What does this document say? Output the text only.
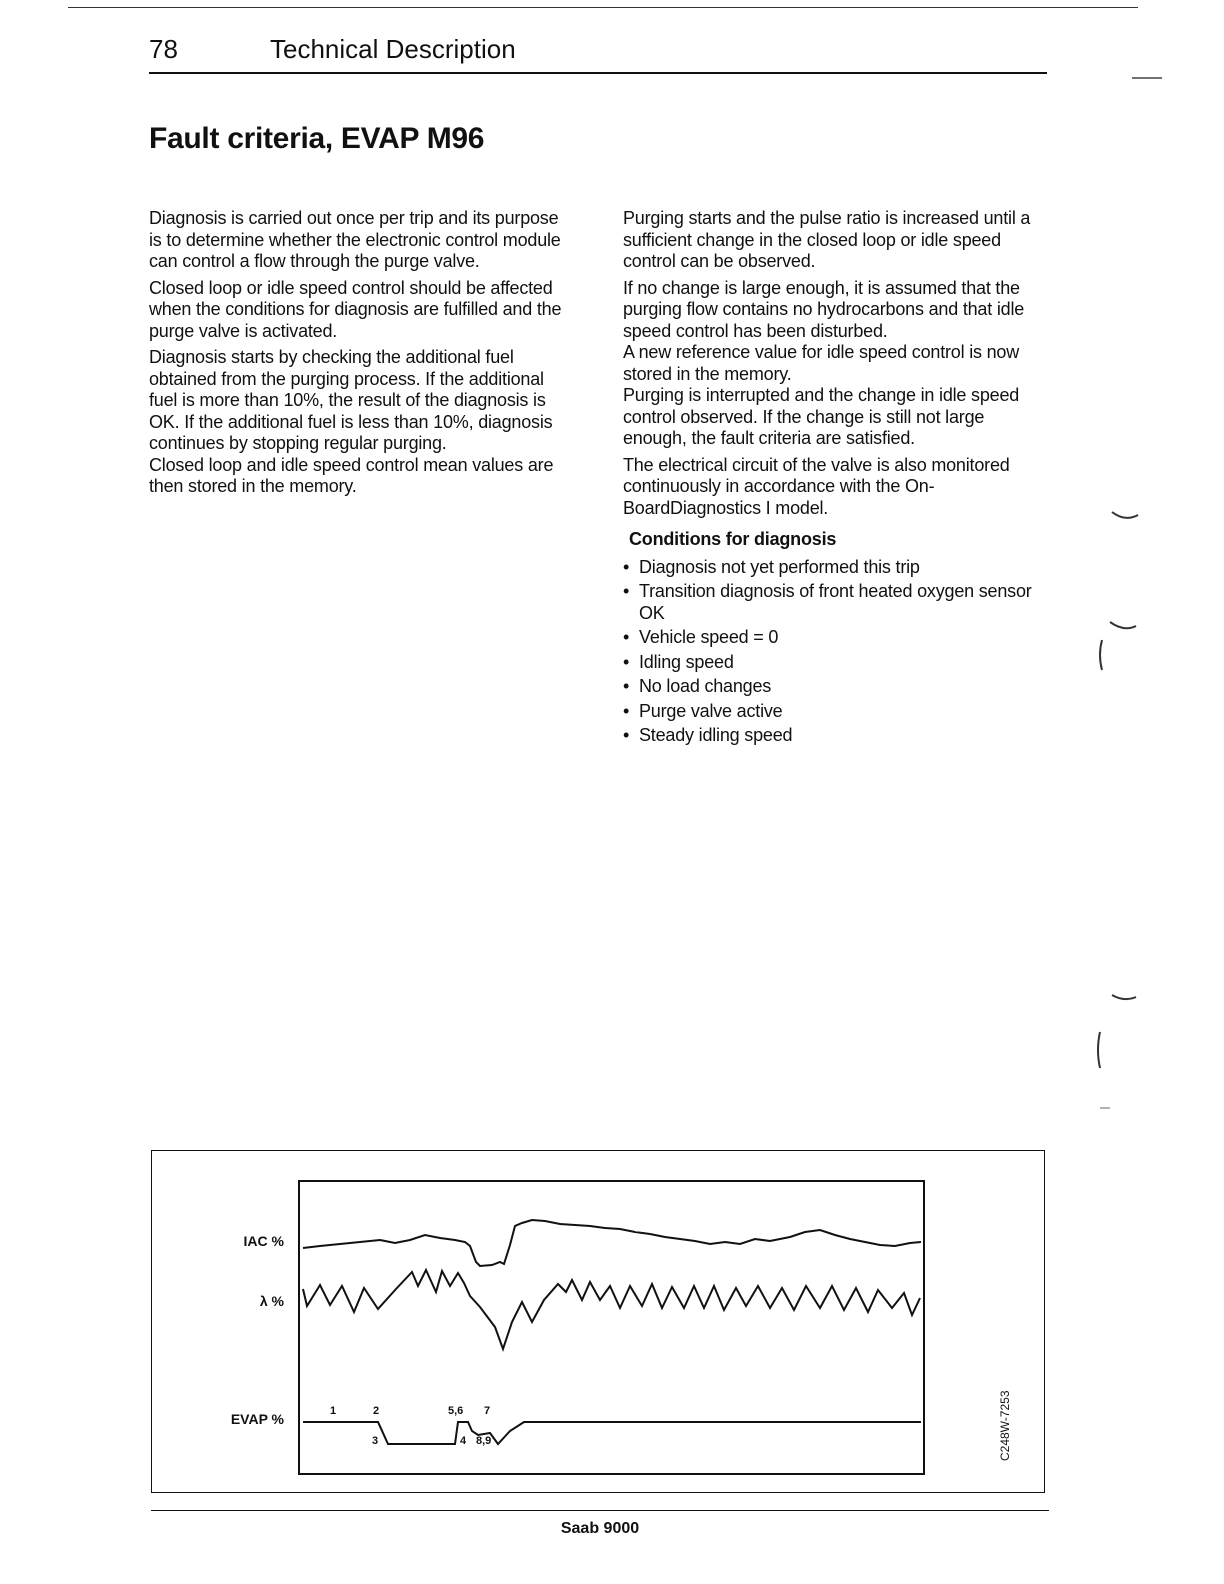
78	Technical Description
Fault criteria, EVAP M96

Diagnosis is carried out once per trip and its purpose is to determine whether the electronic control module can control a flow through the purge valve.

Closed loop or idle speed control should be affected when the conditions for diagnosis are fulfilled and the purge valve is activated.

Diagnosis starts by checking the additional fuel obtained from the purging process. If the additional fuel is more than 10%, the result of the diagnosis is OK. If the additional fuel is less than 10%, diagnosis continues by stopping regular purging.

Closed loop and idle speed control mean values are then stored in the memory.

Purging starts and the pulse ratio is increased until a sufficient change in the closed loop or idle speed control can be observed.

If no change is large enough, it is assumed that the purging flow contains no hydrocarbons and that idle speed control has been disturbed.

A new reference value for idle speed control is now stored in the memory.

Purging is interrupted and the change in idle speed control observed. If the change is still not large enough, the fault criteria are satisfied.

The electrical circuit of the valve is also monitored continuously in accordance with the On-BoardDiagnostics I model.

Conditions for diagnosis
• Diagnosis not yet performed this trip
• Transition diagnosis of front heated oxygen sensor OK
• Vehicle speed = 0
• Idling speed
• No load changes
• Purge valve active
• Steady idling speed
IAC %
λ %
EVAP %	1	2
3	4
5,6 7
8,9	C248W-7253
Saab 9000
